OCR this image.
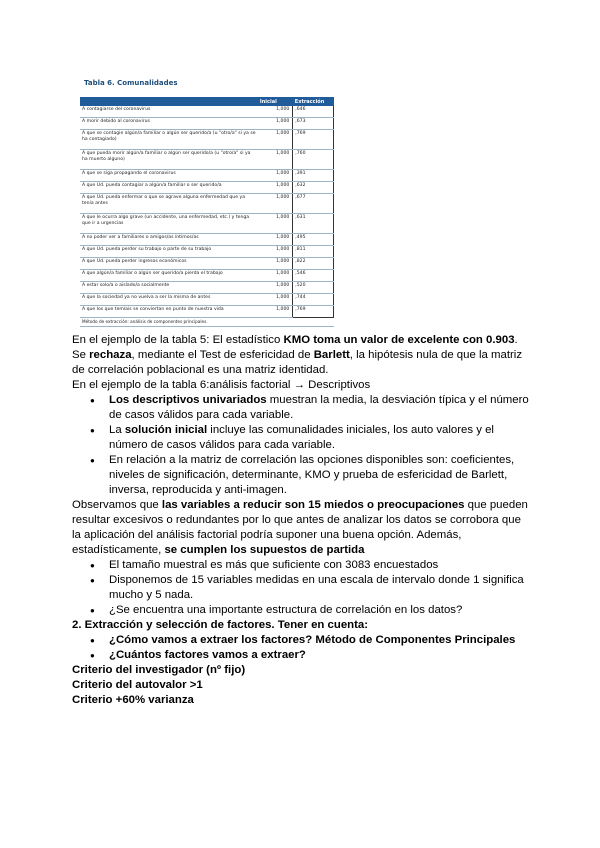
Tabla 6. Comunalidades
	Inicial	Extracción
A contagiarse del coronavirus	1,000	,646
A morir debido al coronavirus	1,000	,673
A que se contagie algún/a familiar o algún ser querido/a (u "otro/a" si ya se ha contagiado)	1,000	,769
A que pueda morir algún/a familiar o algún ser querido/a (u "otro/a" si ya ha muerto alguno)	1,000	,760
A que se siga propagando el coronavirus	1,000	,391
A que Ud. pueda contagiar a algún/a familiar o ser querido/a	1,000	,632
A que Ud. pueda enfermar o que se agrave alguna enfermedad que ya tenía antes	1,000	,677
A que le ocurra algo grave (un accidente, una enfermedad, etc.) y tenga que ir a urgencias	1,000	,631
A no poder ver a familiares o amigos/as íntimos/as	1,000	,495
A que Ud. pueda perder su trabajo o parte de su trabajo	1,000	,811
A que Ud. pueda perder ingresos económicos	1,000	,822
A que algún/a familiar o algún ser querido/a pierda el trabajo	1,000	,546
A estar solo/a o aislado/a socialmente	1,000	,520
A que la sociedad ya no vuelva a ser la misma de antes	1,000	,744
A que los que temíais se conviertan en punto de nuestra vida	1,000	,769
Método de extracción: análisis de componentes principales.		

En el ejemplo de la tabla 5: El estadístico KMO toma un valor de excelente con 0.903. Se rechaza, mediante el Test de esfericidad de Barlett, la hipótesis nula de que la matriz de correlación poblacional es una matriz identidad.

En el ejemplo de la tabla 6:análisis factorial → Descriptivos

● Los descriptivos univariados muestran la media, la desviación típica y el número de casos válidos para cada variable.
● La solución inicial incluye las comunalidades iniciales, los auto valores y el número de casos válidos para cada variable.
● En relación a la matriz de correlación las opciones disponibles son: coeficientes, niveles de significación, determinante, KMO y prueba de esfericidad de Barlett, inversa, reproducida y anti-imagen.

Observamos que las variables a reducir son 15 miedos o preocupaciones que pueden resultar excesivos o redundantes por lo que antes de analizar los datos se corrobora que la aplicación del análisis factorial podría suponer una buena opción. Además, estadísticamente, se cumplen los supuestos de partida

● El tamaño muestral es más que suficiente con 3083 encuestados
● Disponemos de 15 variables medidas en una escala de intervalo donde 1 significa mucho y 5 nada.
● ¿Se encuentra una importante estructura de correlación en los datos?

2. Extracción y selección de factores. Tener en cuenta:

● ¿Cómo vamos a extraer los factores? Método de Componentes Principales
● ¿Cuántos factores vamos a extraer?

Criterio del investigador (nº fijo)

Criterio del autovalor >1

Criterio +60% varianza
